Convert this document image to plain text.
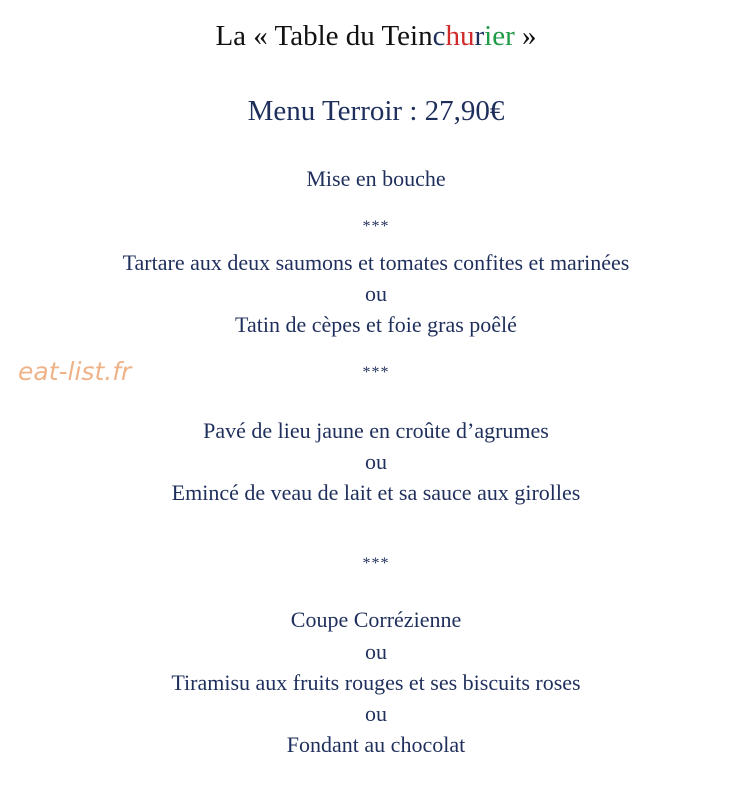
La « Table du Teinchurier »
Menu Terroir : 27,90€
Mise en bouche
***
Tartare aux deux saumons et tomates confites et marinées
ou
Tatin de cèpes et foie gras poêlé
eat-list.fr	***
Pavé de lieu jaune en croûte d’agrumes
ou
Emincé de veau de lait et sa sauce aux girolles
***
Coupe Corrézienne
ou
Tiramisu aux fruits rouges et ses biscuits roses
ou
Fondant au chocolat
